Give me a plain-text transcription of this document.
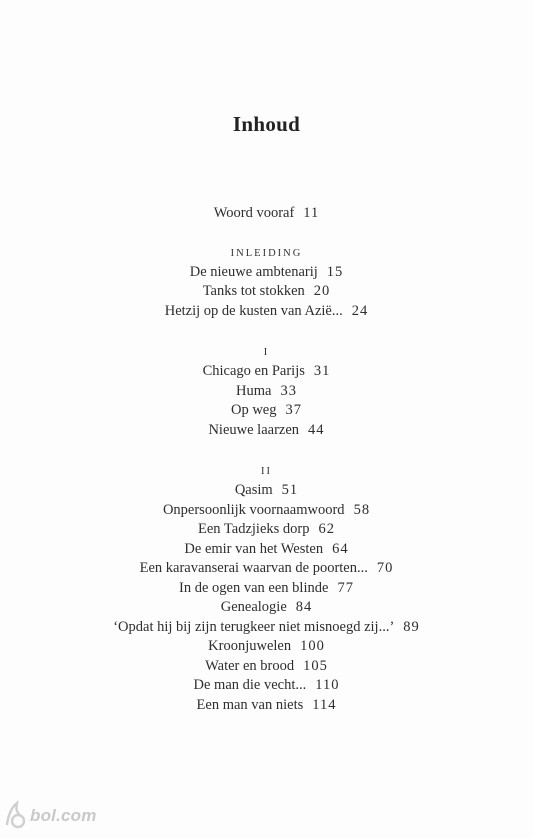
Inhoud
Woord vooraf 11
INLEIDING
De nieuwe ambtenarij 15
Tanks tot stokken 20
Hetzij op de kusten van Azië... 24
I
Chicago en Parijs 31
Huma 33
Op weg 37
Nieuwe laarzen 44
II
Qasim 51
Onpersoonlijk voornaamwoord 58
Een Tadzjieks dorp 62
De emir van het Westen 64
Een karavanserai waarvan de poorten... 70
In de ogen van een blinde 77
Genealogie 84
‘Opdat hij bij zijn terugkeer niet misnoegd zij...’ 89
Kroonjuwelen 100
Water en brood 105
De man die vecht... 110
Een man van niets 114
bol.com
